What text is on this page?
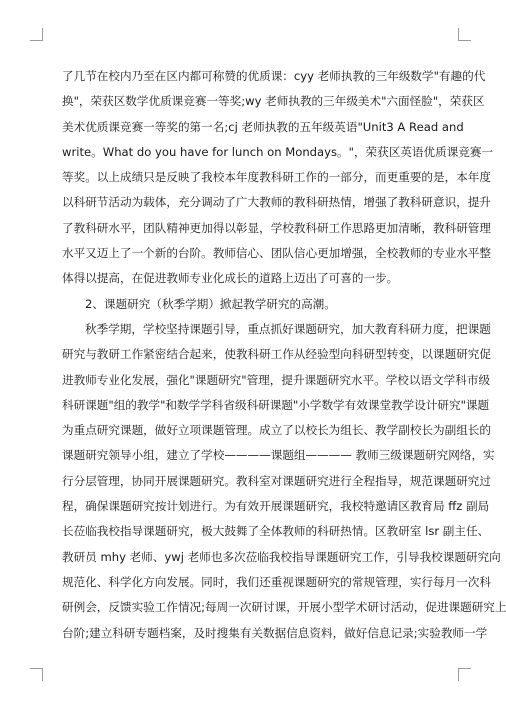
了几节在校内乃至在区内都可称赞的优质课：cyy 老师执教的三年级数学"有趣的代
换"，荣获区数学优质课竞赛一等奖;wy 老师执教的三年级美术"六面怪脸"，荣获区
美术优质课竞赛一等奖的第一名;cj 老师执教的五年级英语"Unit3 A Read and
write。What do you have for lunch on Mondays。"，荣获区英语优质课竞赛一
等奖。以上成绩只是反映了我校本年度教科研工作的一部分，而更重要的是，本年度
以科研节活动为载体，充分调动了广大教师的教科研热情，增强了教科研意识，提升
了教科研水平，团队精神更加得以彰显，学校教科研工作思路更加清晰，教科研管理
水平又迈上了一个新的台阶。教师信心、团队信心更加增强，全校教师的专业水平整
体得以提高，在促进教师专业化成长的道路上迈出了可喜的一步。
2、课题研究（秋季学期）掀起教学研究的高潮。
秋季学期，学校坚持课题引导，重点抓好课题研究，加大教育科研力度，把课题
研究与教研工作紧密结合起来，使教科研工作从经验型向科研型转变，以课题研究促
进教师专业化发展，强化"课题研究"管理，提升课题研究水平。学校以语文学科市级
科研课题"组的教学"和数学学科省级科研课题"小学数学有效课堂教学设计研究"课题
为重点研究课题，做好立项课题管理。成立了以校长为组长、教学副校长为副组长的
课题研究领导小组，建立了学校————课题组———— 教师三级课题研究网络，实
行分层管理，协同开展课题研究。教科室对课题研究进行全程指导，规范课题研究过
程，确保课题研究按计划进行。为有效开展课题研究，我校特邀请区教育局 ffz 副局
长莅临我校指导课题研究，极大鼓舞了全体教师的科研热情。区教研室 lsr 副主任、
教研员 mhy 老师、ywj 老师也多次莅临我校指导课题研究工作，引导我校课题研究向
规范化、科学化方向发展。同时，我们还重视课题研究的常规管理，实行每月一次科
研例会，反馈实验工作情况;每周一次研讨课，开展小型学术研讨活动，促进课题研究上
台阶;建立科研专题档案，及时搜集有关数据信息资料，做好信息记录;实验教师一学
